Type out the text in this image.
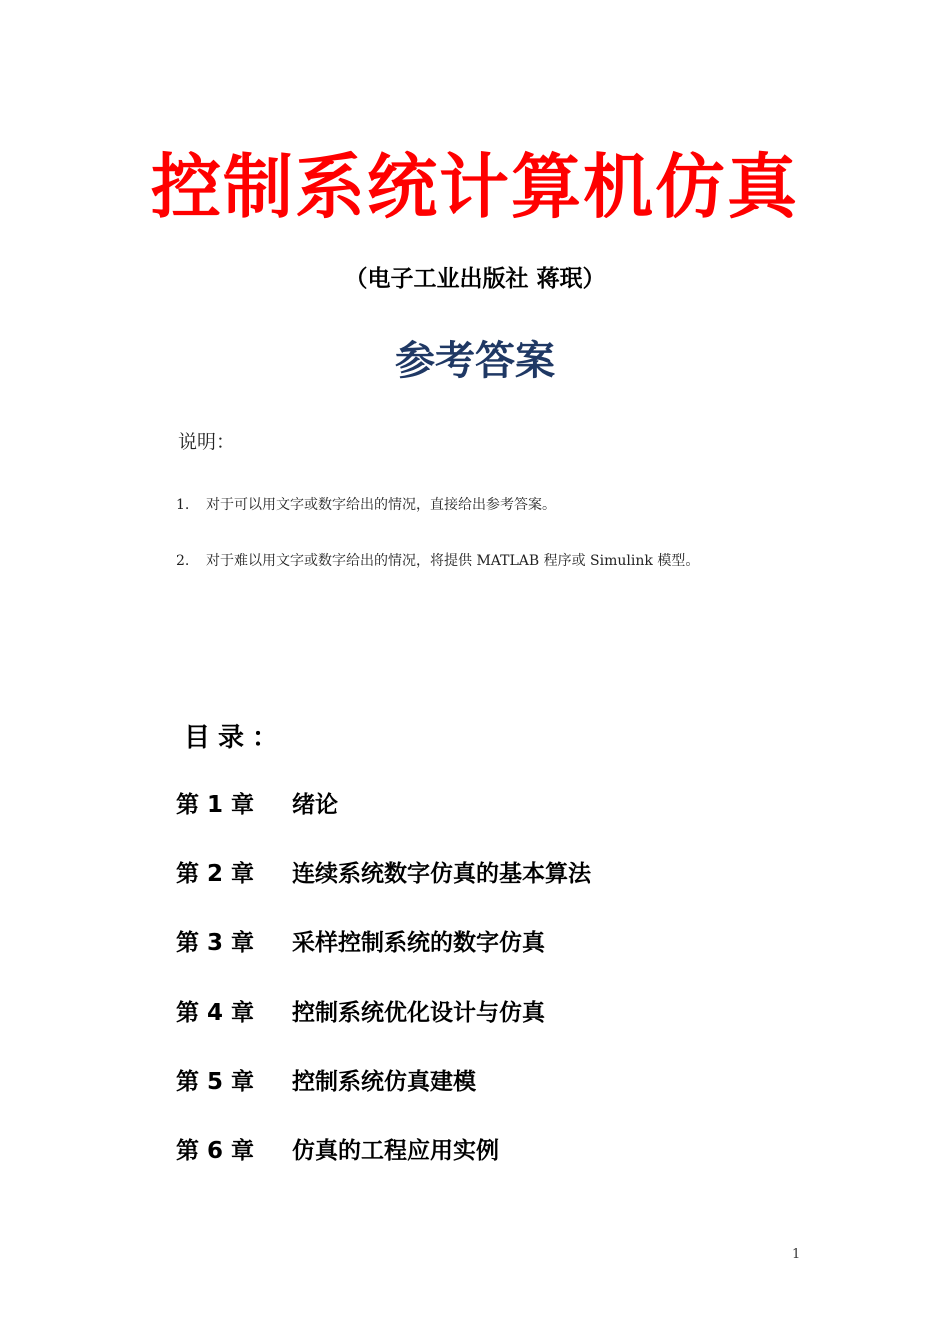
控制系统计算机仿真
（电子工业出版社 蒋珉）
参考答案
说明：
1. 对于可以用文字或数字给出的情况，直接给出参考答案。
2. 对于难以用文字或数字给出的情况，将提供 MATLAB 程序或 Simulink 模型。
目录：
第 1 章	绪论
第 2 章	连续系统数字仿真的基本算法
第 3 章	采样控制系统的数字仿真
第 4 章	控制系统优化设计与仿真
第 5 章	控制系统仿真建模
第 6 章	仿真的工程应用实例
1
